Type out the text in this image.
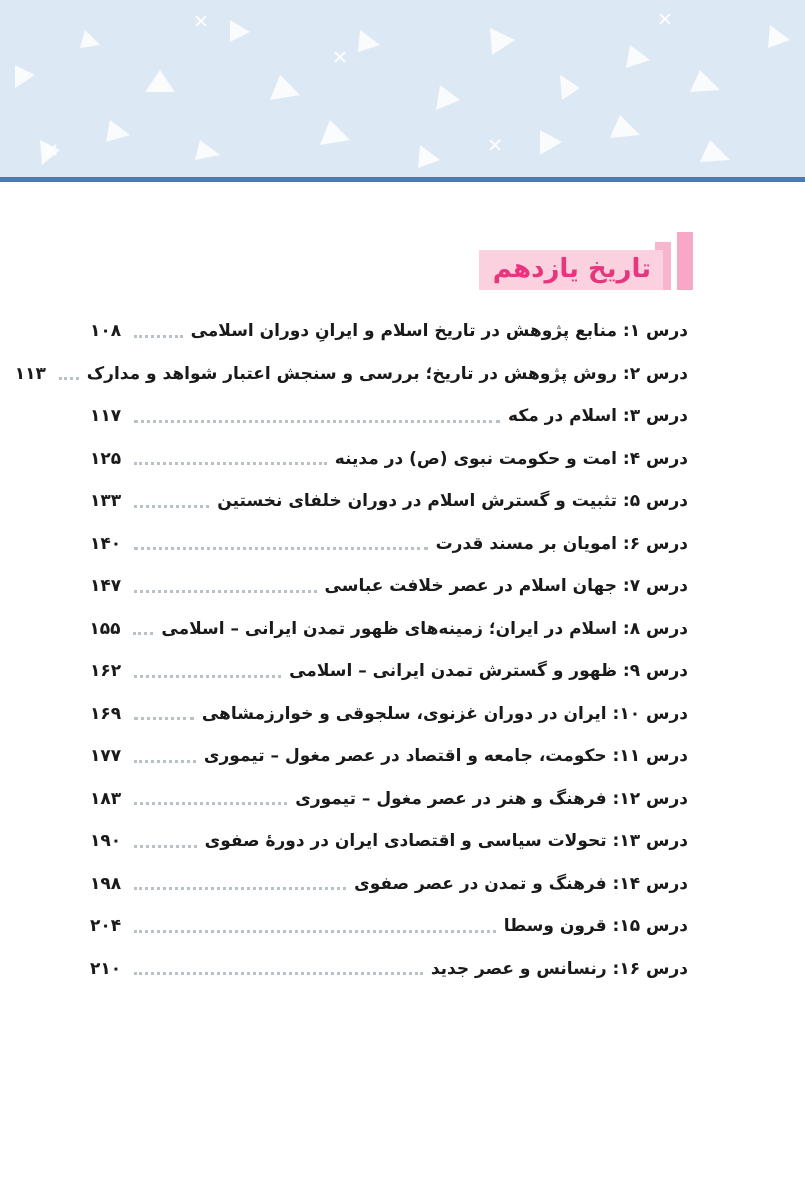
تاریخ یازدهم
درس ۱: منابع پژوهش در تاریخ اسلام و ایرانِ دوران اسلامی
۱۰۸
درس ۲: روش پژوهش در تاریخ؛ بررسی و سنجش اعتبار شواهد و مدارک
۱۱۳
درس ۳: اسلام در مکه
۱۱۷
درس ۴: امت و حکومت نبوی (ص) در مدینه
۱۲۵
درس ۵: تثبیت و گسترش اسلام در دوران خلفای نخستین
۱۳۳
درس ۶: امویان بر مسند قدرت
۱۴۰
درس ۷: جهان اسلام در عصر خلافت عباسی
۱۴۷
درس ۸: اسلام در ایران؛ زمینه‌های ظهور تمدن ایرانی – اسلامی
۱۵۵
درس ۹: ظهور و گسترش تمدن ایرانی – اسلامی
۱۶۲
درس ۱۰: ایران در دوران غزنوی، سلجوقی و خوارزمشاهی
۱۶۹
درس ۱۱: حکومت، جامعه و اقتصاد در عصر مغول – تیموری
۱۷۷
درس ۱۲: فرهنگ و هنر در عصر مغول – تیموری
۱۸۳
درس ۱۳: تحولات سیاسی و اقتصادی ایران در دورهٔ صفوی
۱۹۰
درس ۱۴: فرهنگ و تمدن در عصر صفوی
۱۹۸
درس ۱۵: قرون وسطا
۲۰۴
درس ۱۶: رنسانس و عصر جدید
۲۱۰
